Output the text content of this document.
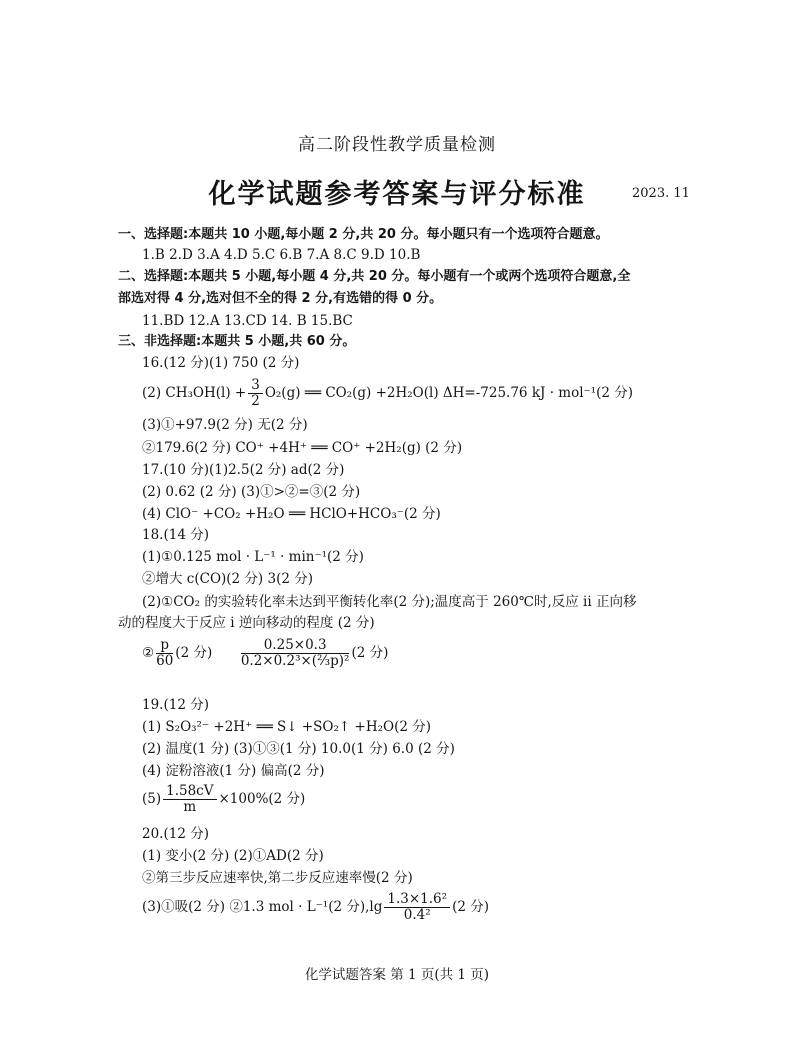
高二阶段性教学质量检测
化学试题参考答案与评分标准	2023. 11
一、选择题:本题共 10 小题,每小题 2 分,共 20 分。每小题只有一个选项符合题意。
1.B 2.D 3.A 4.D 5.C 6.B 7.A 8.C 9.D 10.B
二、选择题:本题共 5 小题,每小题 4 分,共 20 分。每小题有一个或两个选项符合题意,全
部选对得 4 分,选对但不全的得 2 分,有选错的得 0 分。
11.BD 12.A 13.CD 14. B 15.BC
三、非选择题:本题共 5 小题,共 60 分。
16.(12 分)(1) 750 (2 分)
(2) $CH_3OH(l) + \frac{3}{2} O_2(g)$ ══ CO₂(g) +2H₂O(l) ΔH=-725.76 kJ · mol⁻¹(2 分)
(3)①+97.9(2 分) 无(2 分)
②179.6(2 分) CO⁺ +4H⁺ ══ CO⁺ +2H₂(g) (2 分)
17.(10 分)(1)2.5(2 分) ad(2 分)
(2) 0.62 (2 分) (3)①>②=③(2 分)
(4) ClO⁻ +CO₂ +H₂O ══ HClO+HCO₃⁻(2 分)
18.(14 分)
(1)①0.125 mol · L⁻¹ · min⁻¹(2 分)
②增大 c(CO)(2 分) 3(2 分)
(2)①CO₂ 的实验转化率未达到平衡转化率(2 分);温度高于 260℃时,反应 ii 正向移
动的程度大于反应 i 逆向移动的程度 (2 分)
② $\frac{p}{60} (2$ 分) $\frac{0.25\times 0.3}{\text{0.2×0.2³×(⅔p)²}} (2$ 分)
19.(12 分)
(1) S₂O₃²⁻ +2H⁺ ══ S↓ +SO₂↑ +H₂O(2 分)
(2) 温度(1 分) (3)①③(1 分) 10.0(1 分) 6.0 (2 分)
(4) 淀粉溶液(1 分) 偏高(2 分)
$(5) \frac{1.58cV}{m} \times 100\%(2$ 分)
20.(12 分)
(1) 变小(2 分) (2)①AD(2 分)
②第三步反应速率快,第二步反应速率慢(2 分)
(3)①吸(2 分) ②1.3 mol · L⁻¹(2 分)$,\lg \frac{\text{1.3×1.6²}}{\text{0.4²}} (2$ 分)
化学试题答案 第 1 页(共 1 页)
